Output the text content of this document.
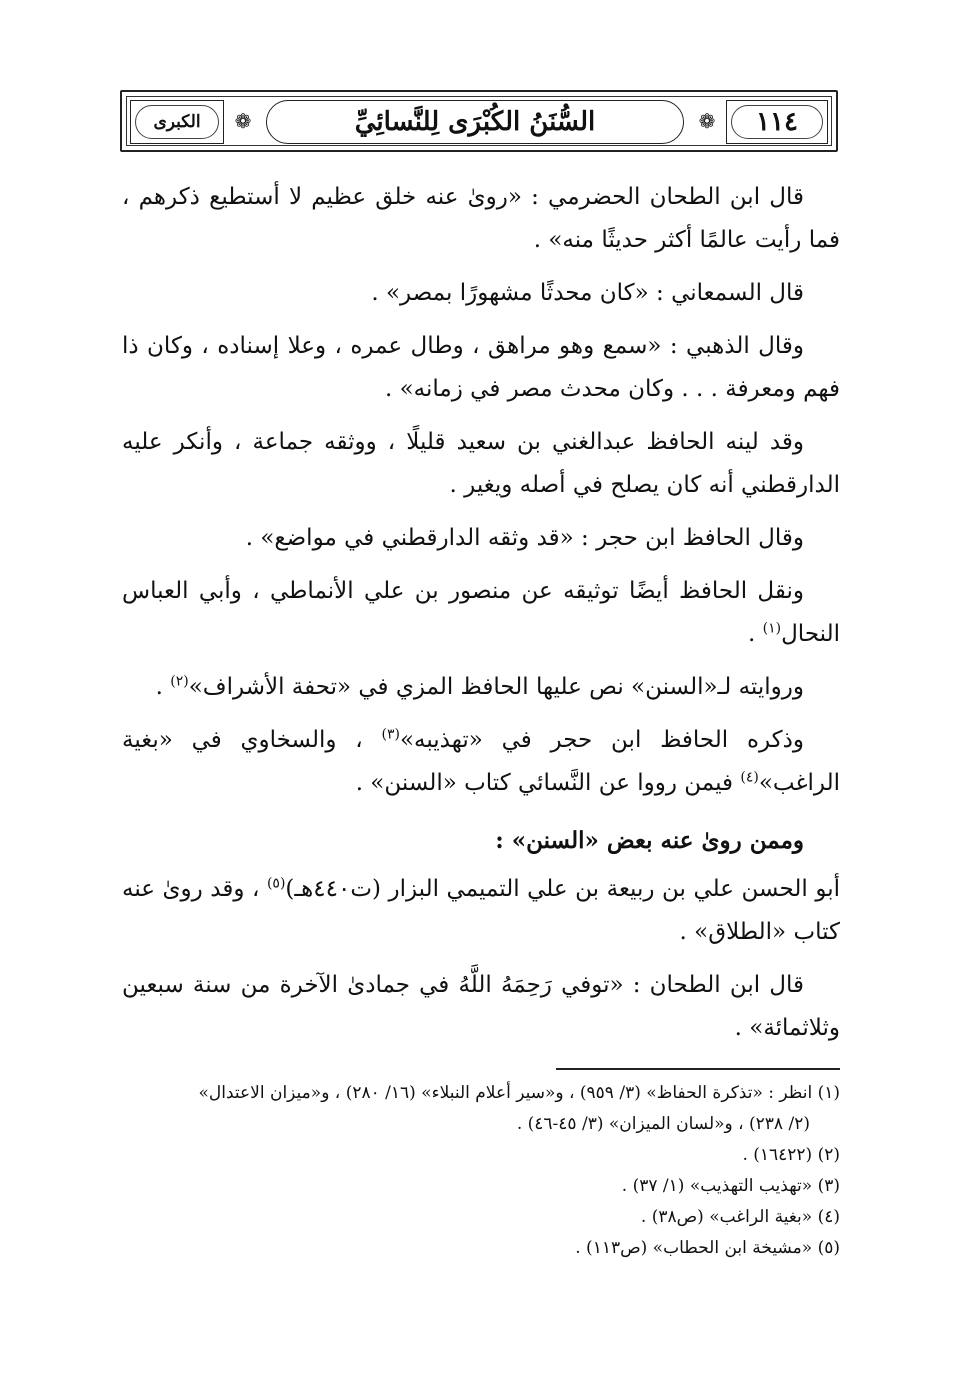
الكبرى	❁	السُّنَنُ الكُبْرَى لِلنَّسائِيِّ	❁	١١٤

قال ابن الطحان الحضرمي : «روىٰ عنه خلق عظيم لا أستطيع ذكرهم ، فما رأيت عالمًا أكثر حديثًا منه» .

قال السمعاني : «كان محدثًا مشهورًا بمصر» .

وقال الذهبي : «سمع وهو مراهق ، وطال عمره ، وعلا إسناده ، وكان ذا فهم ومعرفة . . . وكان محدث مصر في زمانه» .

وقد لينه الحافظ عبدالغني بن سعيد قليلًا ، ووثقه جماعة ، وأنكر عليه الدارقطني أنه كان يصلح في أصله ويغير .

وقال الحافظ ابن حجر : «قد وثقه الدارقطني في مواضع» .

ونقل الحافظ أيضًا توثيقه عن منصور بن علي الأنماطي ، وأبي العباس النحال$^{(١)}$ .

وروايته لـ«السنن» نص عليها الحافظ المزي في «تحفة الأشراف»$^{(٢)}$ .

وذكره الحافظ ابن حجر في «تهذيبه»$^{(٣)}$ ، والسخاوي في «بغية الراغب»$^{(٤)}$ فيمن رووا عن النَّسائي كتاب «السنن» .

وممن روىٰ عنه بعض «السنن» :

أبو الحسن علي بن ربيعة بن علي التميمي البزار (ت٤٤٠هـ)$^{(٥)}$ ، وقد روىٰ عنه كتاب «الطلاق» .

قال ابن الطحان : «توفي رَحِمَهُ اللَّهُ في جمادىٰ الآخرة من سنة سبعين وثلاثمائة» .

(١) انظر : «تذكرة الحفاظ» (٣/ ٩٥٩) ، و«سير أعلام النبلاء» (١٦/ ٢٨٠) ، و«ميزان الاعتدال»

(٢/ ٢٣٨) ، و«لسان الميزان» (٣/ ٤٥-٤٦) .

(٢) (١٦٤٢٢) .

(٣) «تهذيب التهذيب» (١/ ٣٧) .

(٤) «بغية الراغب» (ص٣٨) .

(٥) «مشيخة ابن الحطاب» (ص١١٣) .
